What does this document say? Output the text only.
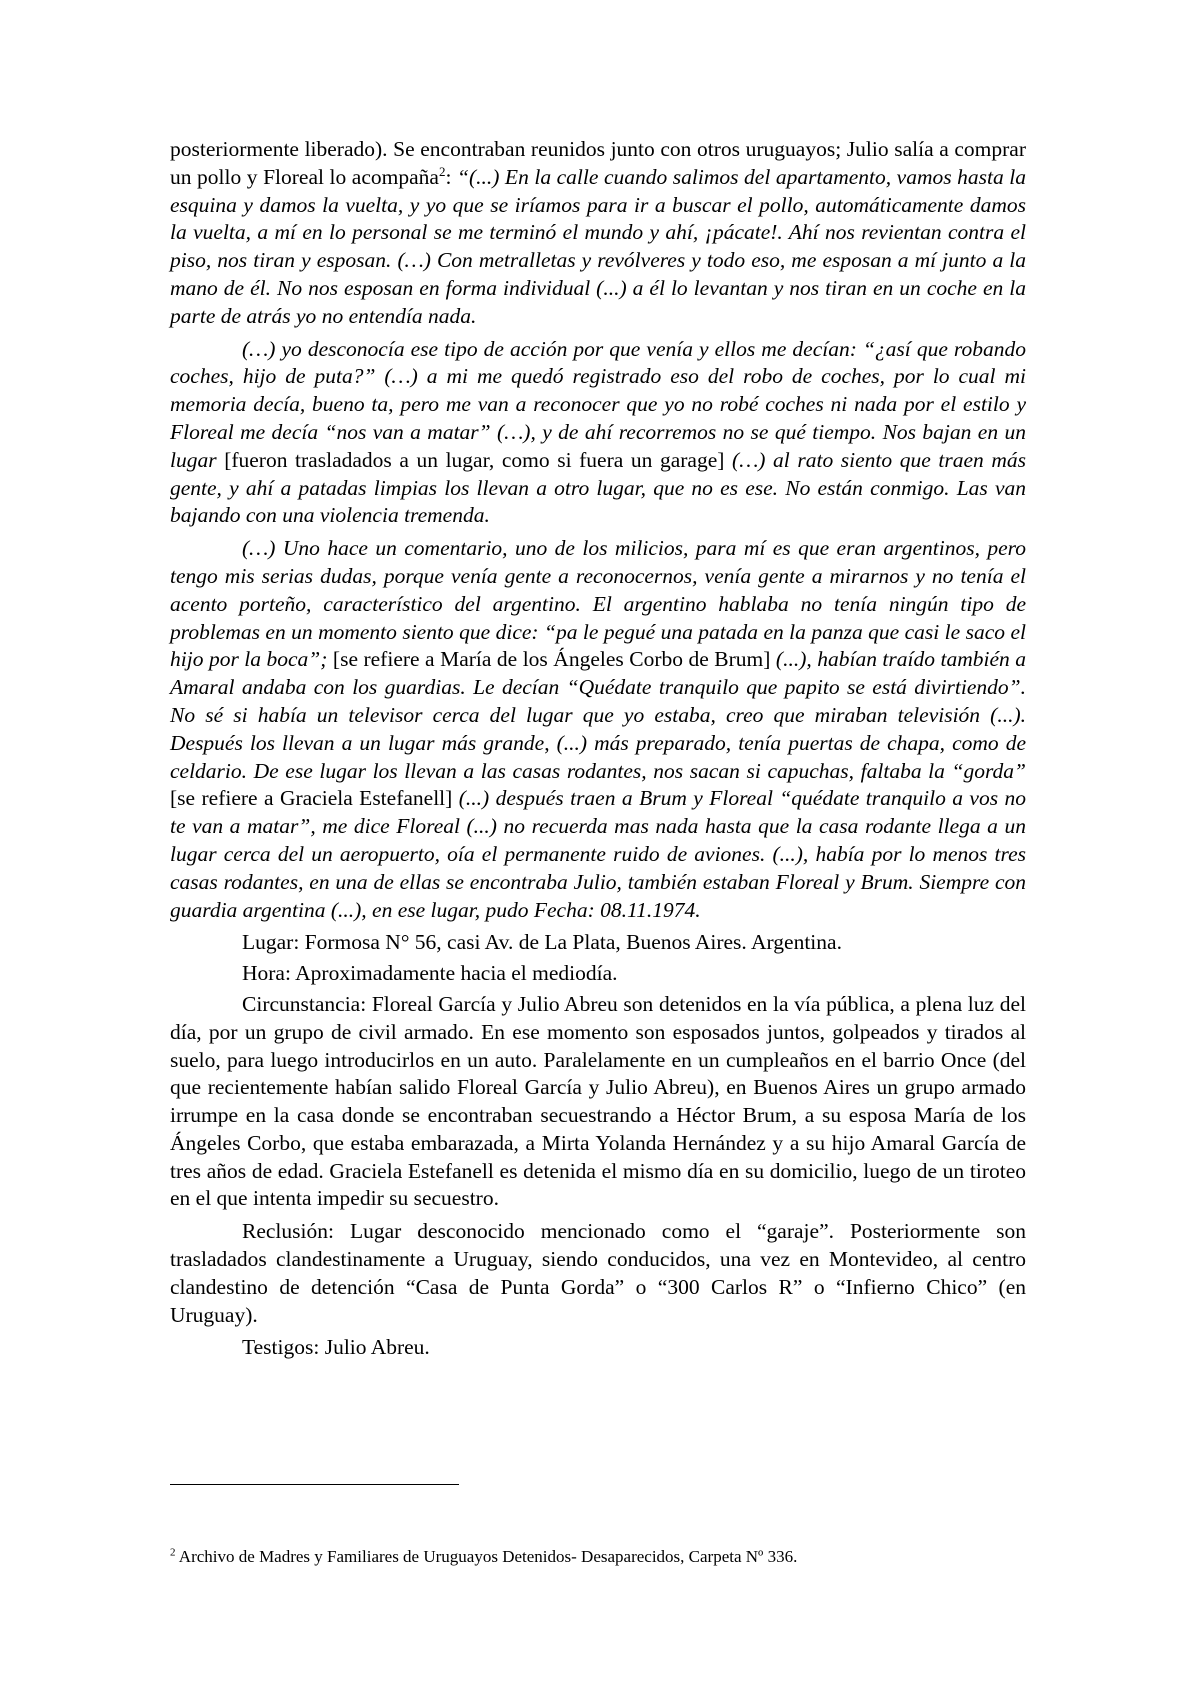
posteriormente liberado). Se encontraban reunidos junto con otros uruguayos; Julio salía a comprar un pollo y Floreal lo acompaña$^2$: “(...) En la calle cuando salimos del apartamento, vamos hasta la esquina y damos la vuelta, y yo que se iríamos para ir a buscar el pollo, automáticamente damos la vuelta, a mí en lo personal se me terminó el mundo y ahí, ¡pácate!. Ahí nos revientan contra el piso, nos tiran y esposan. (…) Con metralletas y revólveres y todo eso, me esposan a mí junto a la mano de él. No nos esposan en forma individual (...) a él lo levantan y nos tiran en un coche en la parte de atrás yo no entendía nada.

(…) yo desconocía ese tipo de acción por que venía y ellos me decían: “¿así que robando coches, hijo de puta?” (…) a mi me quedó registrado eso del robo de coches, por lo cual mi memoria decía, bueno ta, pero me van a reconocer que yo no robé coches ni nada por el estilo y Floreal me decía “nos van a matar” (…), y de ahí recorremos no se qué tiempo. Nos bajan en un lugar [fueron trasladados a un lugar, como si fuera un garage] (…) al rato siento que traen más gente, y ahí a patadas limpias los llevan a otro lugar, que no es ese. No están conmigo. Las van bajando con una violencia tremenda.

(…) Uno hace un comentario, uno de los milicios, para mí es que eran argentinos, pero tengo mis serias dudas, porque venía gente a reconocernos, venía gente a mirarnos y no tenía el acento porteño, característico del argentino. El argentino hablaba no tenía ningún tipo de problemas en un momento siento que dice: “pa le pegué una patada en la panza que casi le saco el hijo por la boca”; [se refiere a María de los Ángeles Corbo de Brum] (...), habían traído también a Amaral andaba con los guardias. Le decían “Quédate tranquilo que papito se está divirtiendo”. No sé si había un televisor cerca del lugar que yo estaba, creo que miraban televisión (...). Después los llevan a un lugar más grande, (...) más preparado, tenía puertas de chapa, como de celdario. De ese lugar los llevan a las casas rodantes, nos sacan si capuchas, faltaba la “gorda” [se refiere a Graciela Estefanell] (...) después traen a Brum y Floreal “quédate tranquilo a vos no te van a matar”, me dice Floreal (...) no recuerda mas nada hasta que la casa rodante llega a un lugar cerca del un aeropuerto, oía el permanente ruido de aviones. (...), había por lo menos tres casas rodantes, en una de ellas se encontraba Julio, también estaban Floreal y Brum. Siempre con guardia argentina (...), en ese lugar, pudo Fecha: 08.11.1974.

Lugar: Formosa N° 56, casi Av. de La Plata, Buenos Aires. Argentina.

Hora: Aproximadamente hacia el mediodía.

Circunstancia: Floreal García y Julio Abreu son detenidos en la vía pública, a plena luz del día, por un grupo de civil armado. En ese momento son esposados juntos, golpeados y tirados al suelo, para luego introducirlos en un auto. Paralelamente en un cumpleaños en el barrio Once (del que recientemente habían salido Floreal García y Julio Abreu), en Buenos Aires un grupo armado irrumpe en la casa donde se encontraban secuestrando a Héctor Brum, a su esposa María de los Ángeles Corbo, que estaba embarazada, a Mirta Yolanda Hernández y a su hijo Amaral García de tres años de edad. Graciela Estefanell es detenida el mismo día en su domicilio, luego de un tiroteo en el que intenta impedir su secuestro.

Reclusión: Lugar desconocido mencionado como el “garaje”. Posteriormente son trasladados clandestinamente a Uruguay, siendo conducidos, una vez en Montevideo, al centro clandestino de detención “Casa de Punta Gorda” o “300 Carlos R” o “Infierno Chico” (en Uruguay).

Testigos: Julio Abreu.

$^2$ Archivo de Madres y Familiares de Uruguayos Detenidos- Desaparecidos, Carpeta Nº 336.
